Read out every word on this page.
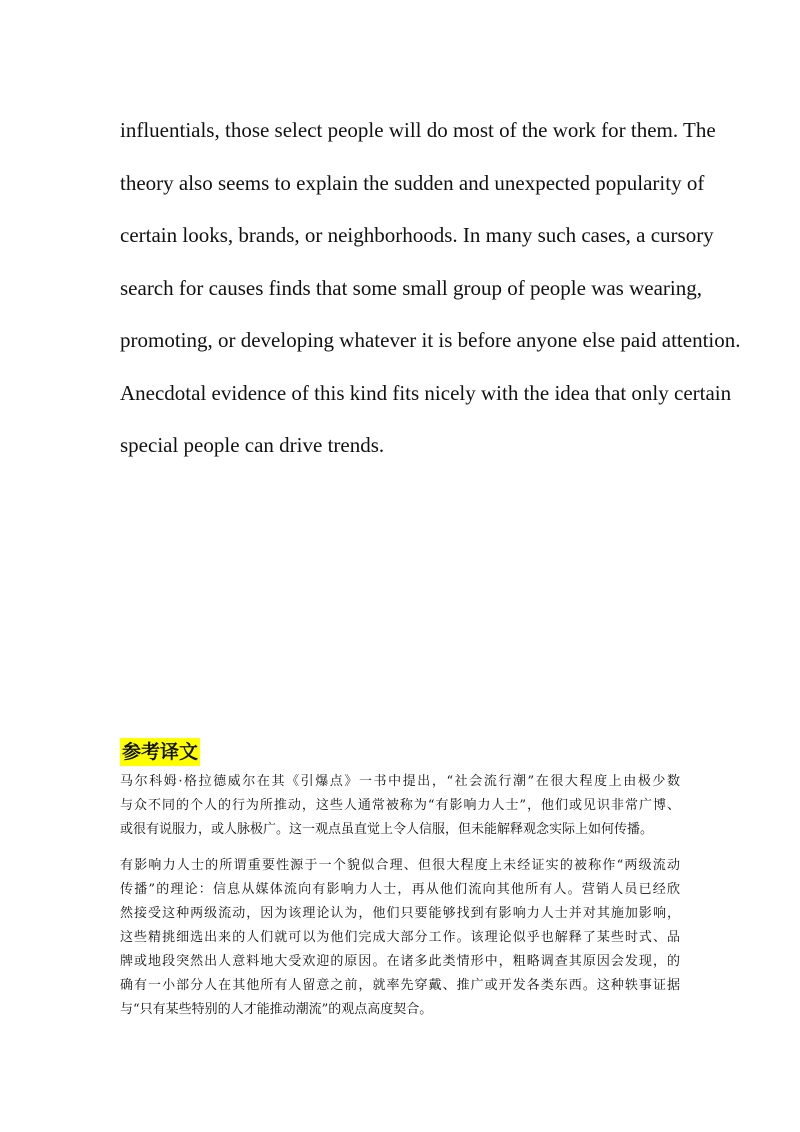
influentials, those select people will do most of the work for them. The
theory also seems to explain the sudden and unexpected popularity of
certain looks, brands, or neighborhoods. In many such cases, a cursory
search for causes finds that some small group of people was wearing,
promoting, or developing whatever it is before anyone else paid attention.
Anecdotal evidence of this kind fits nicely with the idea that only certain
special people can drive trends.
参考译文
马尔科姆·格拉德威尔在其《引爆点》一书中提出，“社会流行潮”在很大程度上由极少数
与众不同的个人的行为所推动，这些人通常被称为“有影响力人士”，他们或见识非常广博、
或很有说服力，或人脉极广。这一观点虽直觉上令人信服，但未能解释观念实际上如何传播。
有影响力人士的所谓重要性源于一个貌似合理、但很大程度上未经证实的被称作“两级流动
传播”的理论：信息从媒体流向有影响力人士，再从他们流向其他所有人。营销人员已经欣
然接受这种两级流动，因为该理论认为，他们只要能够找到有影响力人士并对其施加影响，
这些精挑细选出来的人们就可以为他们完成大部分工作。该理论似乎也解释了某些时式、品
牌或地段突然出人意料地大受欢迎的原因。在诸多此类情形中，粗略调查其原因会发现，的
确有一小部分人在其他所有人留意之前，就率先穿戴、推广或开发各类东西。这种轶事证据
与“只有某些特别的人才能推动潮流”的观点高度契合。
